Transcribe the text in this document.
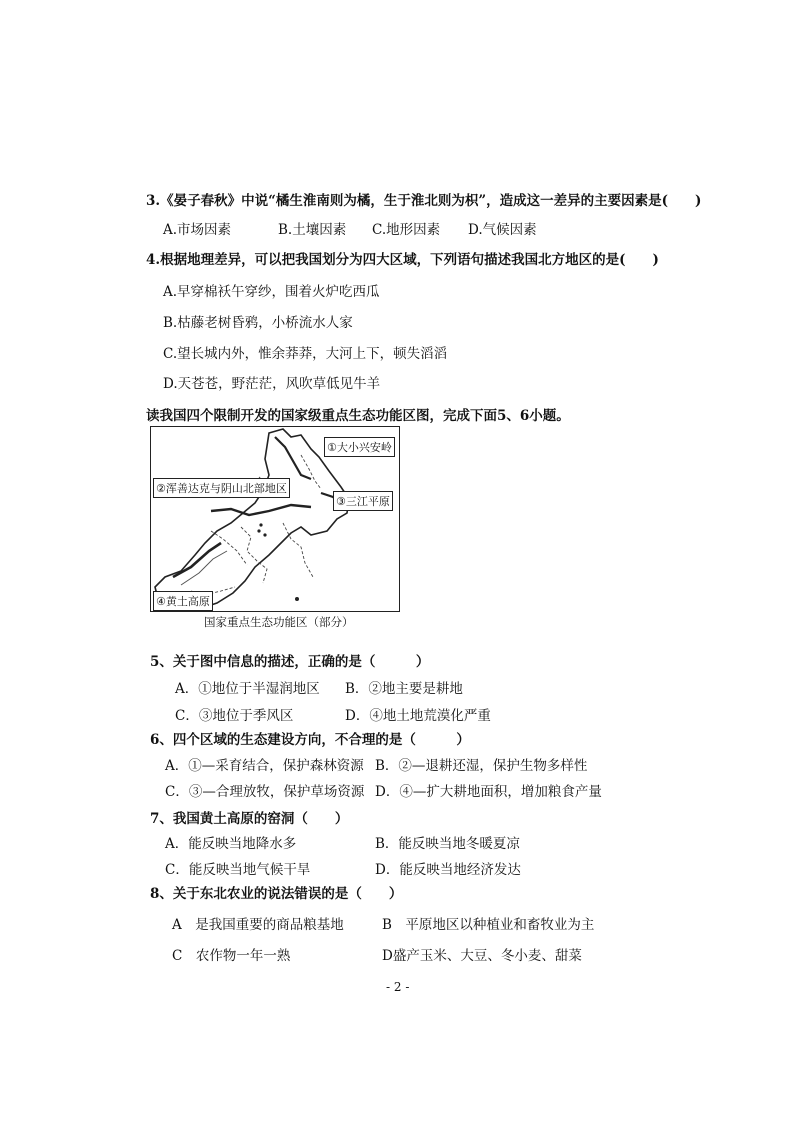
3.《晏子春秋》中说“橘生淮南则为橘，生于淮北则为枳”，造成这一差异的主要因素是(　　)
A.市场因素	B.土壤因素 C.地形因素 D.气候因素
4.根据地理差异，可以把我国划分为四大区域，下列语句描述我国北方地区的是(　　)
A.早穿棉袄午穿纱，围着火炉吃西瓜
B.枯藤老树昏鸦，小桥流水人家
C.望长城内外，惟余莽莽，大河上下，顿失滔滔
D.天苍苍，野茫茫，风吹草低见牛羊
读我国四个限制开发的国家级重点生态功能区图，完成下面5、6小题。
①大小兴安岭
②浑善达克与阴山北部地区
③三江平原
④黄土高原
国家重点生态功能区（部分）
5、关于图中信息的描述，正确的是（　　　）
A．①地位于半湿润地区 B．②地主要是耕地
C．③地位于季风区	D．④地土地荒漠化严重
6、四个区域的生态建设方向，不合理的是（　　　）
A．①—采育结合，保护森林资源 B．②—退耕还湿，保护生物多样性
C．③—合理放牧，保护草场资源 D．④—扩大耕地面积，增加粮食产量
7、我国黄土高原的窑洞（　　）
A．能反映当地降水多	B．能反映当地冬暖夏凉
C．能反映当地气候干旱	D．能反映当地经济发达
8、关于东北农业的说法错误的是（　　）
A　是我国重要的商品粮基地	B　平原地区以种植业和畜牧业为主
C　农作物一年一熟	D盛产玉米、大豆、冬小麦、甜菜
- 2 -
